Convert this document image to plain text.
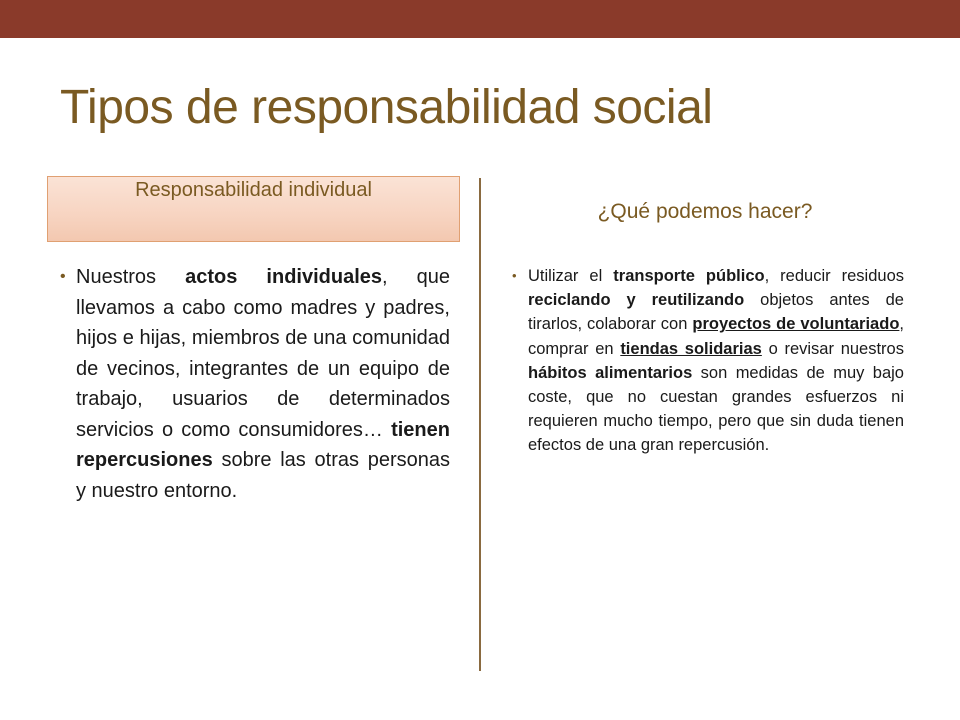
Tipos de responsabilidad social
Responsabilidad individual
¿Qué podemos hacer?
• Nuestros actos individuales, que llevamos a cabo como madres y padres, hijos e hijas, miembros de una comunidad de vecinos, integrantes de un equipo de trabajo, usuarios de determinados servicios o como consumidores… tienen repercusiones sobre las otras personas y nuestro entorno.
• Utilizar el transporte público, reducir residuos reciclando y reutilizando objetos antes de tirarlos, colaborar con proyectos de voluntariado, comprar en tiendas solidarias o revisar nuestros hábitos alimentarios son medidas de muy bajo coste, que no cuestan grandes esfuerzos ni requieren mucho tiempo, pero que sin duda tienen efectos de una gran repercusión.
